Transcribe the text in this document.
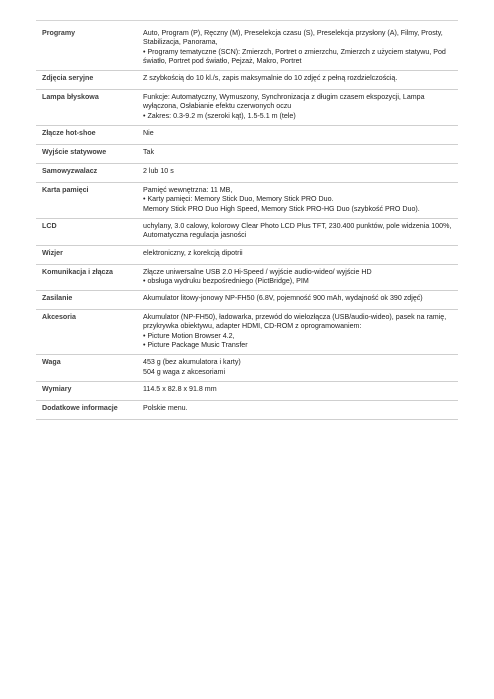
Programy	Auto, Program (P), Ręczny (M), Preselekcja czasu (S), Preselekcja przysłony (A), Filmy, Prosty, Stabilizacja, Panorama,
• Programy tematyczne (SCN): Zmierzch, Portret o zmierzchu, Zmierzch z użyciem statywu, Pod światło, Portret pod światło, Pejzaż, Makro, Portret
Zdjęcia seryjne	Z szybkością do 10 kl./s, zapis maksymalnie do 10 zdjęć z pełną rozdzielczością.
Lampa błyskowa	Funkcje: Automatyczny, Wymuszony, Synchronizacja z długim czasem ekspozycji, Lampa wyłączona, Osłabianie efektu czerwonych oczu
• Zakres: 0.3-9.2 m (szeroki kąt), 1.5-5.1 m (tele)
Złącze hot-shoe	Nie
Wyjście statywowe	Tak
Samowyzwalacz	2 lub 10 s
Karta pamięci	Pamięć wewnętrzna: 11 MB,
• Karty pamięci: Memory Stick Duo, Memory Stick PRO Duo.
Memory Stick PRO Duo High Speed, Memory Stick PRO-HG Duo (szybkość PRO Duo).
LCD	uchylany, 3.0 calowy, kolorowy Clear Photo LCD Plus TFT, 230.400 punktów, pole widzenia 100%, Automatyczna regulacja jasności
Wizjer	elektroniczny, z korekcją dipotrii
Komunikacja i złącza	Złącze uniwersalne USB 2.0 Hi-Speed / wyjście audio-wideo/ wyjście HD
• obsługa wydruku bezpośredniego (PictBridge), PIM
Zasilanie	Akumulator litowy-jonowy NP-FH50 (6.8V, pojemność 900 mAh, wydajność ok 390 zdjęć)
Akcesoria	Akumulator (NP-FH50), ładowarka, przewód do wielozłącza (USB/audio-wideo), pasek na ramię, przykrywka obiektywu, adapter HDMI, CD-ROM z oprogramowaniem:
• Picture Motion Browser 4.2,
• Picture Package Music Transfer
Waga	453 g (bez akumulatora i karty)
504 g waga z akcesoriami
Wymiary	114.5 x 82.8 x 91.8 mm
Dodatkowe informacje	Polskie menu.
